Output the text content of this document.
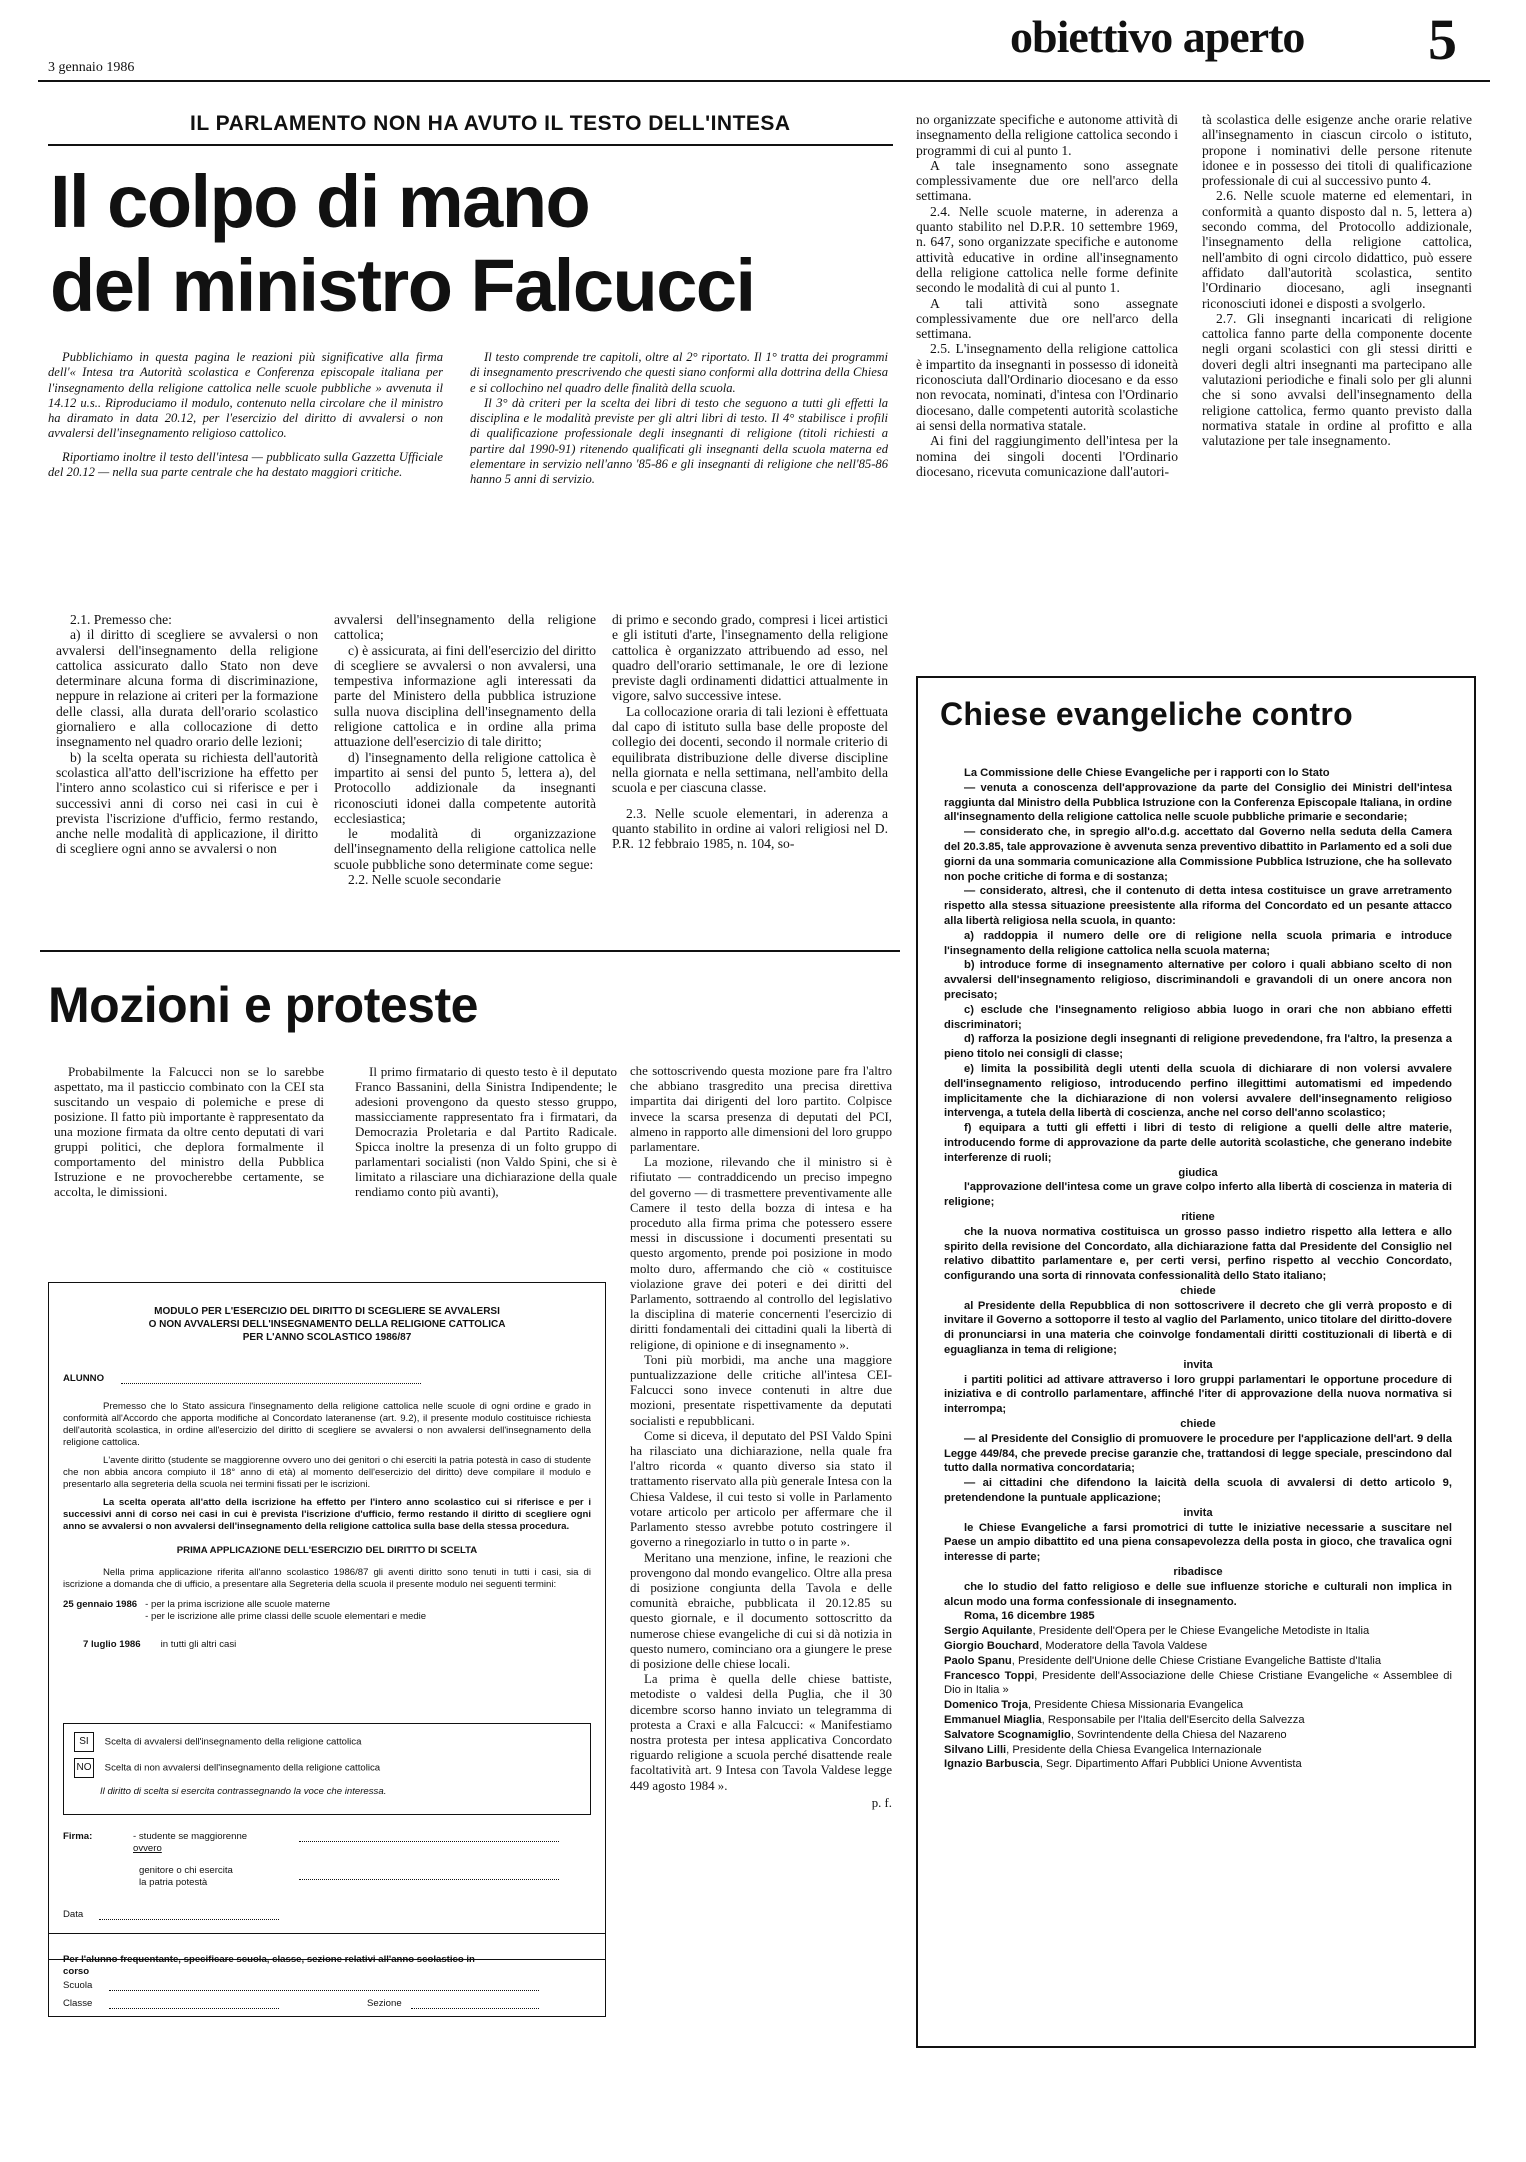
3 gennaio 1986
obiettivo aperto 5
IL PARLAMENTO NON HA AVUTO IL TESTO DELL'INTESA
Il colpo di mano
del ministro Falcucci

Pubblichiamo in questa pagina le reazioni più significative alla firma dell'« Intesa tra Autorità scolastica e Conferenza episcopale italiana per l'insegnamento della religione cattolica nelle scuole pubbliche » avvenuta il 14.12 u.s.. Riproduciamo il modulo, contenuto nella circolare che il ministro ha diramato in data 20.12, per l'esercizio del diritto di avvalersi o non avvalersi dell'insegnamento religioso cattolico.

Riportiamo inoltre il testo dell'intesa — pubblicato sulla Gazzetta Ufficiale del 20.12 — nella sua parte centrale che ha destato maggiori critiche.

Il testo comprende tre capitoli, oltre al 2° riportato. Il 1° tratta dei programmi di insegnamento prescrivendo che questi siano conformi alla dottrina della Chiesa e si collochino nel quadro delle finalità della scuola.

Il 3° dà criteri per la scelta dei libri di testo che seguono a tutti gli effetti la disciplina e le modalità previste per gli altri libri di testo. Il 4° stabilisce i profili di qualificazione professionale degli insegnanti di religione (titoli richiesti a partire dal 1990-91) ritenendo qualificati gli insegnanti della scuola materna ed elementare in servizio nell'anno '85-86 e gli insegnanti di religione che nell'85-86 hanno 5 anni di servizio.

2.1. Premesso che:

a) il diritto di scegliere se avvalersi o non avvalersi dell'insegnamento della religione cattolica assicurato dallo Stato non deve determinare alcuna forma di discriminazione, neppure in relazione ai criteri per la formazione delle classi, alla durata dell'orario scolastico giornaliero e alla collocazione di detto insegnamento nel quadro orario delle lezioni;

b) la scelta operata su richiesta dell'autorità scolastica all'atto dell'iscrizione ha effetto per l'intero anno scolastico cui si riferisce e per i successivi anni di corso nei casi in cui è prevista l'iscrizione d'ufficio, fermo restando, anche nelle modalità di applicazione, il diritto di scegliere ogni anno se avvalersi o non

avvalersi dell'insegnamento della religione cattolica;

c) è assicurata, ai fini dell'esercizio del diritto di scegliere se avvalersi o non avvalersi, una tempestiva informazione agli interessati da parte del Ministero della pubblica istruzione sulla nuova disciplina dell'insegnamento della religione cattolica e in ordine alla prima attuazione dell'esercizio di tale diritto;

d) l'insegnamento della religione cattolica è impartito ai sensi del punto 5, lettera a), del Protocollo addizionale da insegnanti riconosciuti idonei dalla competente autorità ecclesiastica;

le modalità di organizzazione dell'insegnamento della religione cattolica nelle scuole pubbliche sono determinate come segue:

2.2. Nelle scuole secondarie

di primo e secondo grado, compresi i licei artistici e gli istituti d'arte, l'insegnamento della religione cattolica è organizzato attribuendo ad esso, nel quadro dell'orario settimanale, le ore di lezione previste dagli ordinamenti didattici attualmente in vigore, salvo successive intese.

La collocazione oraria di tali lezioni è effettuata dal capo di istituto sulla base delle proposte del collegio dei docenti, secondo il normale criterio di equilibrata distribuzione delle diverse discipline nella giornata e nella settimana, nell'ambito della scuola e per ciascuna classe.

2.3. Nelle scuole elementari, in aderenza a quanto stabilito in ordine ai valori religiosi nel D. P.R. 12 febbraio 1985, n. 104, so-

no organizzate specifiche e autonome attività di insegnamento della religione cattolica secondo i programmi di cui al punto 1.

A tale insegnamento sono assegnate complessivamente due ore nell'arco della settimana.

2.4. Nelle scuole materne, in aderenza a quanto stabilito nel D.P.R. 10 settembre 1969, n. 647, sono organizzate specifiche e autonome attività educative in ordine all'insegnamento della religione cattolica nelle forme definite secondo le modalità di cui al punto 1.

A tali attività sono assegnate complessivamente due ore nell'arco della settimana.

2.5. L'insegnamento della religione cattolica è impartito da insegnanti in possesso di idoneità riconosciuta dall'Ordinario diocesano e da esso non revocata, nominati, d'intesa con l'Ordinario diocesano, dalle competenti autorità scolastiche ai sensi della normativa statale.

Ai fini del raggiungimento dell'intesa per la nomina dei singoli docenti l'Ordinario diocesano, ricevuta comunicazione dall'autori-

tà scolastica delle esigenze anche orarie relative all'insegnamento in ciascun circolo o istituto, propone i nominativi delle persone ritenute idonee e in possesso dei titoli di qualificazione professionale di cui al successivo punto 4.

2.6. Nelle scuole materne ed elementari, in conformità a quanto disposto dal n. 5, lettera a) secondo comma, del Protocollo addizionale, l'insegnamento della religione cattolica, nell'ambito di ogni circolo didattico, può essere affidato dall'autorità scolastica, sentito l'Ordinario diocesano, agli insegnanti riconosciuti idonei e disposti a svolgerlo.

2.7. Gli insegnanti incaricati di religione cattolica fanno parte della componente docente negli organi scolastici con gli stessi diritti e doveri degli altri insegnanti ma partecipano alle valutazioni periodiche e finali solo per gli alunni che si sono avvalsi dell'insegnamento della religione cattolica, fermo quanto previsto dalla normativa statale in ordine al profitto e alla valutazione per tale insegnamento.

Mozioni e proteste

Probabilmente la Falcucci non se lo sarebbe aspettato, ma il pasticcio combinato con la CEI sta suscitando un vespaio di polemiche e prese di posizione. Il fatto più importante è rappresentato da una mozione firmata da oltre cento deputati di vari gruppi politici, che deplora formalmente il comportamento del ministro della Pubblica Istruzione e ne provocherebbe certamente, se accolta, le dimissioni.

Il primo firmatario di questo testo è il deputato Franco Bassanini, della Sinistra Indipendente; le adesioni provengono da questo stesso gruppo, massicciamente rappresentato fra i firmatari, da Democrazia Proletaria e dal Partito Radicale. Spicca inoltre la presenza di un folto gruppo di parlamentari socialisti (non Valdo Spini, che si è limitato a rilasciare una dichiarazione della quale rendiamo conto più avanti),

che sottoscrivendo questa mozione pare fra l'altro che abbiano trasgredito una precisa direttiva impartita dai dirigenti del loro partito. Colpisce invece la scarsa presenza di deputati del PCI, almeno in rapporto alle dimensioni del loro gruppo parlamentare.

La mozione, rilevando che il ministro si è rifiutato — contraddicendo un preciso impegno del governo — di trasmettere preventivamente alle Camere il testo della bozza di intesa e ha proceduto alla firma prima che potessero essere messi in discussione i documenti presentati su questo argomento, prende poi posizione in modo molto duro, affermando che ciò « costituisce violazione grave dei poteri e dei diritti del Parlamento, sottraendo al controllo del legislativo la disciplina di materie concernenti l'esercizio di diritti fondamentali dei cittadini quali la libertà di religione, di opinione e di insegnamento ».

Toni più morbidi, ma anche una maggiore puntualizzazione delle critiche all'intesa CEI-Falcucci sono invece contenuti in altre due mozioni, presentate rispettivamente da deputati socialisti e repubblicani.

Come si diceva, il deputato del PSI Valdo Spini ha rilasciato una dichiarazione, nella quale fra l'altro ricorda « quanto diverso sia stato il trattamento riservato alla più generale Intesa con la Chiesa Valdese, il cui testo si volle in Parlamento votare articolo per articolo per affermare che il Parlamento stesso avrebbe potuto costringere il governo a rinegoziarlo in tutto o in parte ».

Meritano una menzione, infine, le reazioni che provengono dal mondo evangelico. Oltre alla presa di posizione congiunta della Tavola e delle comunità ebraiche, pubblicata il 20.12.85 su questo giornale, e il documento sottoscritto da numerose chiese evangeliche di cui si dà notizia in questo numero, cominciano ora a giungere le prese di posizione delle chiese locali.

La prima è quella delle chiese battiste, metodiste o valdesi della Puglia, che il 30 dicembre scorso hanno inviato un telegramma di protesta a Craxi e alla Falcucci: « Manifestiamo nostra protesta per intesa applicativa Concordato riguardo religione a scuola perché disattende reale facoltatività art. 9 Intesa con Tavola Valdese legge 449 agosto 1984 ».

p. f.
MODULO PER L'ESERCIZIO DEL DIRITTO DI SCEGLIERE SE AVVALERSI
O NON AVVALERSI DELL'INSEGNAMENTO DELLA RELIGIONE CATTOLICA
PER L'ANNO SCOLASTICO 1986/87
ALUNNO

Premesso che lo Stato assicura l'insegnamento della religione cattolica nelle scuole di ogni ordine e grado in conformità all'Accordo che apporta modifiche al Concordato lateranense (art. 9.2), il presente modulo costituisce richiesta dell'autorità scolastica, in ordine all'esercizio del diritto di scegliere se avvalersi o non avvalersi dell'insegnamento della religione cattolica.

L'avente diritto (studente se maggiorenne ovvero uno dei genitori o chi eserciti la patria potestà in caso di studente che non abbia ancora compiuto il 18° anno di età) al momento dell'esercizio del diritto) deve compilare il modulo e presentarlo alla segreteria della scuola nei termini fissati per le iscrizioni.

La scelta operata all'atto della iscrizione ha effetto per l'intero anno scolastico cui si riferisce e per i successivi anni di corso nei casi in cui è prevista l'iscrizione d'ufficio, fermo restando il diritto di scegliere ogni anno se avvalersi o non avvalersi dell'insegnamento della religione cattolica sulla base della stessa procedura.

PRIMA APPLICAZIONE DELL'ESERCIZIO DEL DIRITTO DI SCELTA

Nella prima applicazione riferita all'anno scolastico 1986/87 gli aventi diritto sono tenuti in tutti i casi, sia di iscrizione a domanda che di ufficio, a presentare alla Segreteria della scuola il presente modulo nei seguenti termini:

25 gennaio 1986 - per la prima iscrizione alle scuole materne
- per le iscrizione alle prime classi delle scuole elementari e medie
7 luglio 1986 in tutti gli altri casi
SI Scelta di avvalersi dell'insegnamento della religione cattolica
NO Scelta di non avvalersi dell'insegnamento della religione cattolica
Il diritto di scelta si esercita contrassegnando la voce che interessa.
Firma:	- studente se maggiorenne
ovvero
genitore o chi esercita
la patria potestà
Data
Per l'alunno frequentante, specificare scuola, classe, sezione relativi all'anno scolastico in corso
Scuola
Classe	Sezione
Chiese evangeliche contro
La Commissione delle Chiese Evangeliche per i rapporti con lo Stato
— venuta a conoscenza dell'approvazione da parte del Consiglio dei Ministri dell'intesa raggiunta dal Ministro della Pubblica Istruzione con la Conferenza Episcopale Italiana, in ordine all'insegnamento della religione cattolica nelle scuole pubbliche primarie e secondarie;
— considerato che, in spregio all'o.d.g. accettato dal Governo nella seduta della Camera del 20.3.85, tale approvazione è avvenuta senza preventivo dibattito in Parlamento ed a soli due giorni da una sommaria comunicazione alla Commissione Pubblica Istruzione, che ha sollevato non poche critiche di forma e di sostanza;
— considerato, altresì, che il contenuto di detta intesa costituisce un grave arretramento rispetto alla stessa situazione preesistente alla riforma del Concordato ed un pesante attacco alla libertà religiosa nella scuola, in quanto:
a) raddoppia il numero delle ore di religione nella scuola primaria e introduce l'insegnamento della religione cattolica nella scuola materna;
b) introduce forme di insegnamento alternative per coloro i quali abbiano scelto di non avvalersi dell'insegnamento religioso, discriminandoli e gravandoli di un onere ancora non precisato;
c) esclude che l'insegnamento religioso abbia luogo in orari che non abbiano effetti discriminatori;
d) rafforza la posizione degli insegnanti di religione prevedendone, fra l'altro, la presenza a pieno titolo nei consigli di classe;
e) limita la possibilità degli utenti della scuola di dichiarare di non volersi avvalere dell'insegnamento religioso, introducendo perfino illegittimi automatismi ed impedendo implicitamente che la dichiarazione di non volersi avvalere dell'insegnamento religioso intervenga, a tutela della libertà di coscienza, anche nel corso dell'anno scolastico;
f) equipara a tutti gli effetti i libri di testo di religione a quelli delle altre materie, introducendo forme di approvazione da parte delle autorità scolastiche, che generano indebite interferenze di ruoli;
giudica
l'approvazione dell'intesa come un grave colpo inferto alla libertà di coscienza in materia di religione;
ritiene
che la nuova normativa costituisca un grosso passo indietro rispetto alla lettera e allo spirito della revisione del Concordato, alla dichiarazione fatta dal Presidente del Consiglio nel relativo dibattito parlamentare e, per certi versi, perfino rispetto al vecchio Concordato, configurando una sorta di rinnovata confessionalità dello Stato italiano;
chiede
al Presidente della Repubblica di non sottoscrivere il decreto che gli verrà proposto e di invitare il Governo a sottoporre il testo al vaglio del Parlamento, unico titolare del diritto-dovere di pronunciarsi in una materia che coinvolge fondamentali diritti costituzionali di libertà e di eguaglianza in tema di religione;
invita
i partiti politici ad attivare attraverso i loro gruppi parlamentari le opportune procedure di iniziativa e di controllo parlamentare, affinché l'iter di approvazione della nuova normativa si interrompa;
chiede
— al Presidente del Consiglio di promuovere le procedure per l'applicazione dell'art. 9 della Legge 449/84, che prevede precise garanzie che, trattandosi di legge speciale, prescindono dal tutto dalla normativa concordataria;
— ai cittadini che difendono la laicità della scuola di avvalersi di detto articolo 9, pretendendone la puntuale applicazione;
invita
le Chiese Evangeliche a farsi promotrici di tutte le iniziative necessarie a suscitare nel Paese un ampio dibattito ed una piena consapevolezza della posta in gioco, che travalica ogni interesse di parte;
ribadisce
che lo studio del fatto religioso e delle sue influenze storiche e culturali non implica in alcun modo una forma confessionale di insegnamento.
Roma, 16 dicembre 1985
Sergio Aquilante, Presidente dell'Opera per le Chiese Evangeliche Metodiste in Italia
Giorgio Bouchard, Moderatore della Tavola Valdese
Paolo Spanu, Presidente dell'Unione delle Chiese Cristiane Evangeliche Battiste d'Italia
Francesco Toppi, Presidente dell'Associazione delle Chiese Cristiane Evangeliche « Assemblee di Dio in Italia »
Domenico Troja, Presidente Chiesa Missionaria Evangelica
Emmanuel Miaglia, Responsabile per l'Italia dell'Esercito della Salvezza
Salvatore Scognamiglio, Sovrintendente della Chiesa del Nazareno
Silvano Lilli, Presidente della Chiesa Evangelica Internazionale
Ignazio Barbuscia, Segr. Dipartimento Affari Pubblici Unione Avventista
